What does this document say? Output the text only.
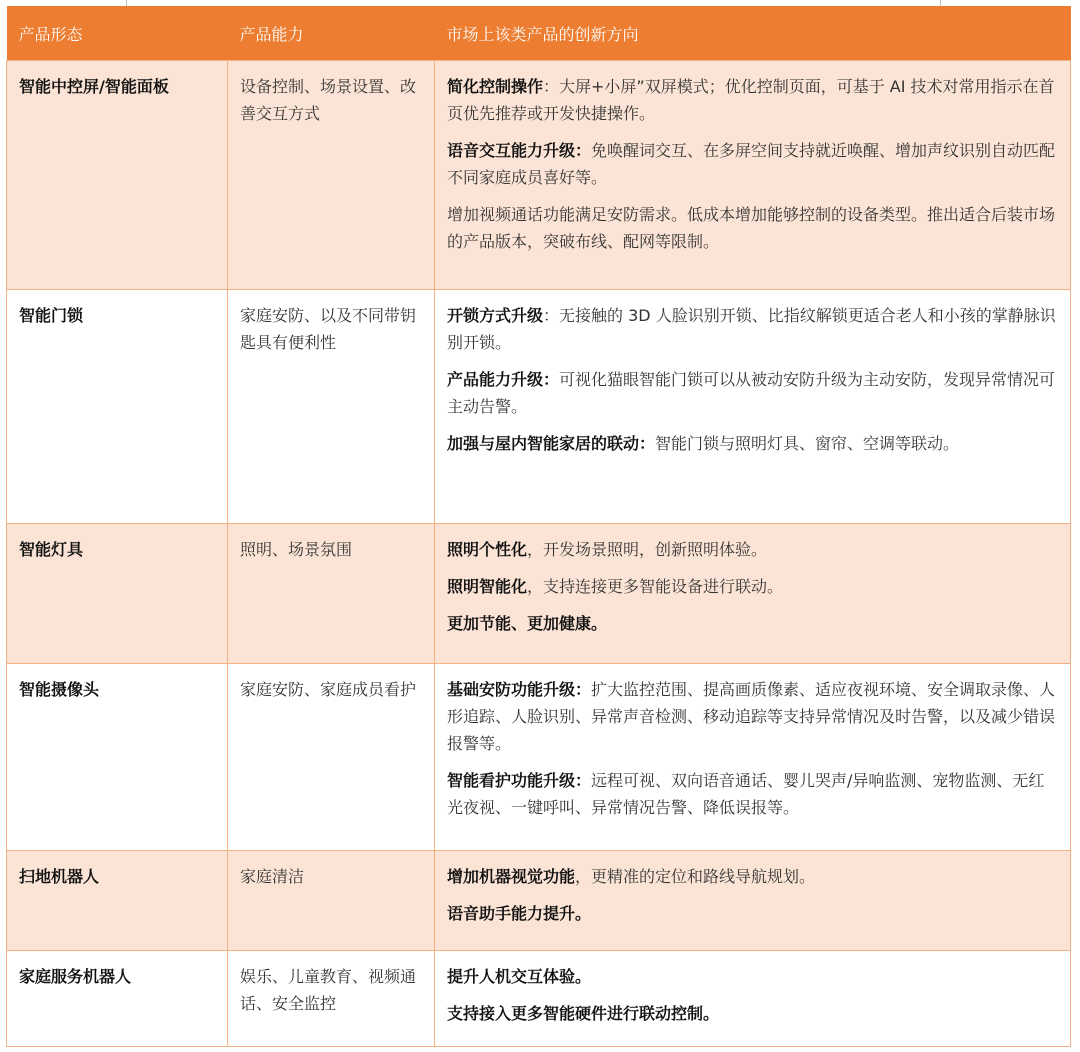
产品形态	产品能力	市场上该类产品的创新方向
智能中控屏/智能面板	设备控制、场景设置、改善交互方式	简化控制操作：大屏+小屏”双屏模式；优化控制页面，可基于 AI 技术对常用指示在首页优先推荐或开发快捷操作。

语音交互能力升级：免唤醒词交互、在多屏空间支持就近唤醒、增加声纹识别自动匹配不同家庭成员喜好等。

增加视频通话功能满足安防需求。低成本增加能够控制的设备类型。推出适合后装市场的产品版本，突破布线、配网等限制。

智能门锁	家庭安防、以及不同带钥匙具有便利性	开锁方式升级：无接触的 3D 人脸识别开锁、比指纹解锁更适合老人和小孩的掌静脉识别开锁。

产品能力升级：可视化猫眼智能门锁可以从被动安防升级为主动安防，发现异常情况可主动告警。

加强与屋内智能家居的联动：智能门锁与照明灯具、窗帘、空调等联动。

智能灯具	照明、场景氛围	照明个性化，开发场景照明，创新照明体验。

照明智能化，支持连接更多智能设备进行联动。

更加节能、更加健康。

智能摄像头	家庭安防、家庭成员看护	基础安防功能升级：扩大监控范围、提高画质像素、适应夜视环境、安全调取录像、人形追踪、人脸识别、异常声音检测、移动追踪等支持异常情况及时告警，以及减少错误报警等。

智能看护功能升级：远程可视、双向语音通话、婴儿哭声/异响监测、宠物监测、无红光夜视、一键呼叫、异常情况告警、降低误报等。

扫地机器人	家庭清洁	增加机器视觉功能，更精准的定位和路线导航规划。

语音助手能力提升。

家庭服务机器人	娱乐、儿童教育、视频通话、安全监控	提升人机交互体验。

支持接入更多智能硬件进行联动控制。
